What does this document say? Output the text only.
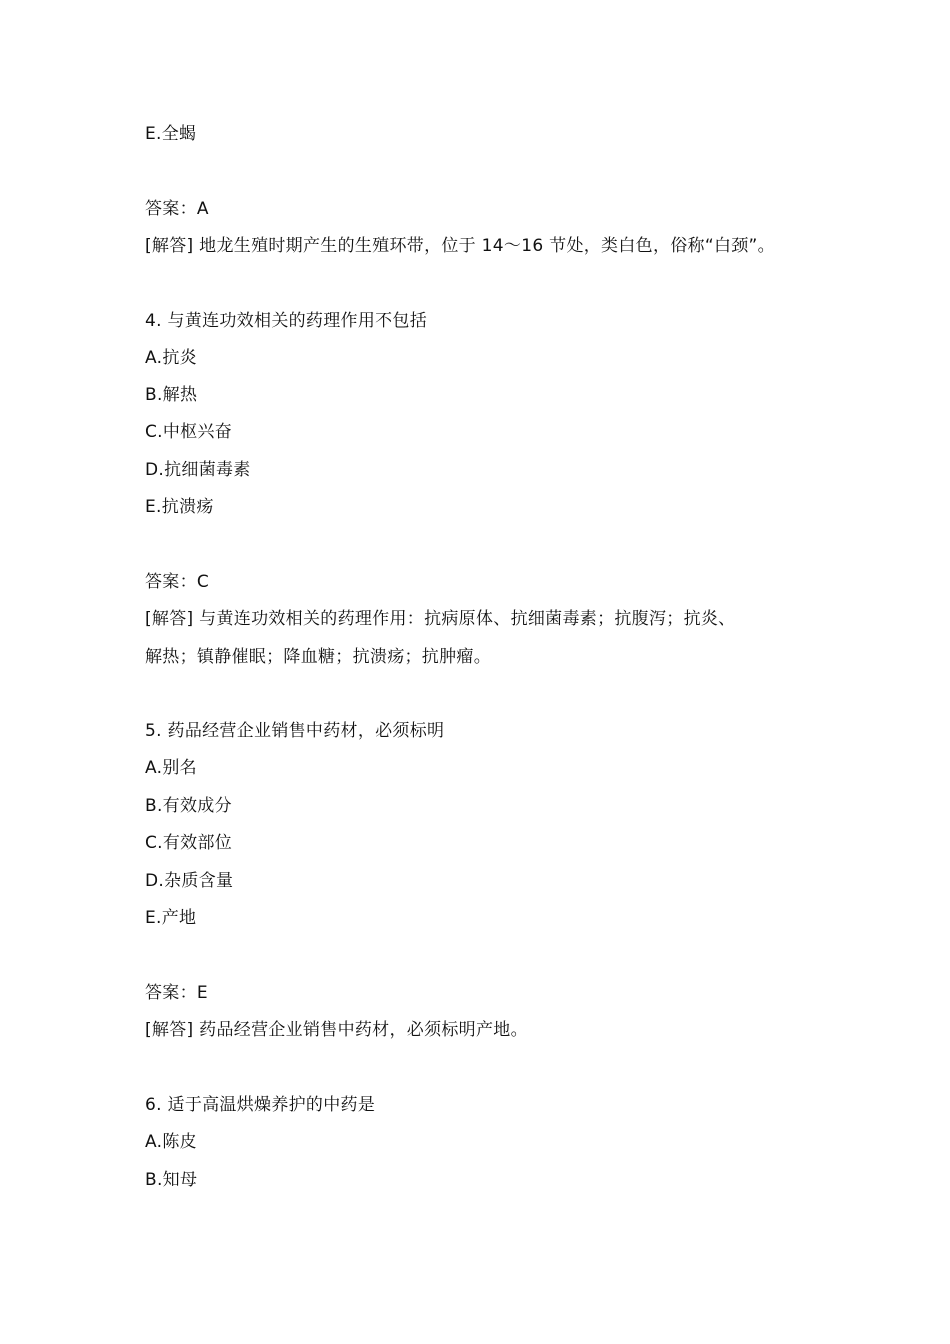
E.全蝎
答案：A
[解答] 地龙生殖时期产生的生殖环带，位于 14～16 节处，类白色，俗称“白颈”。
4. 与黄连功效相关的药理作用不包括
A.抗炎
B.解热
C.中枢兴奋
D.抗细菌毒素
E.抗溃疡
答案：C
[解答] 与黄连功效相关的药理作用：抗病原体、抗细菌毒素；抗腹泻；抗炎、
解热；镇静催眠；降血糖；抗溃疡；抗肿瘤。
5. 药品经营企业销售中药材，必须标明
A.别名
B.有效成分
C.有效部位
D.杂质含量
E.产地
答案：E
[解答] 药品经营企业销售中药材，必须标明产地。
6. 适于高温烘燥养护的中药是
A.陈皮
B.知母
